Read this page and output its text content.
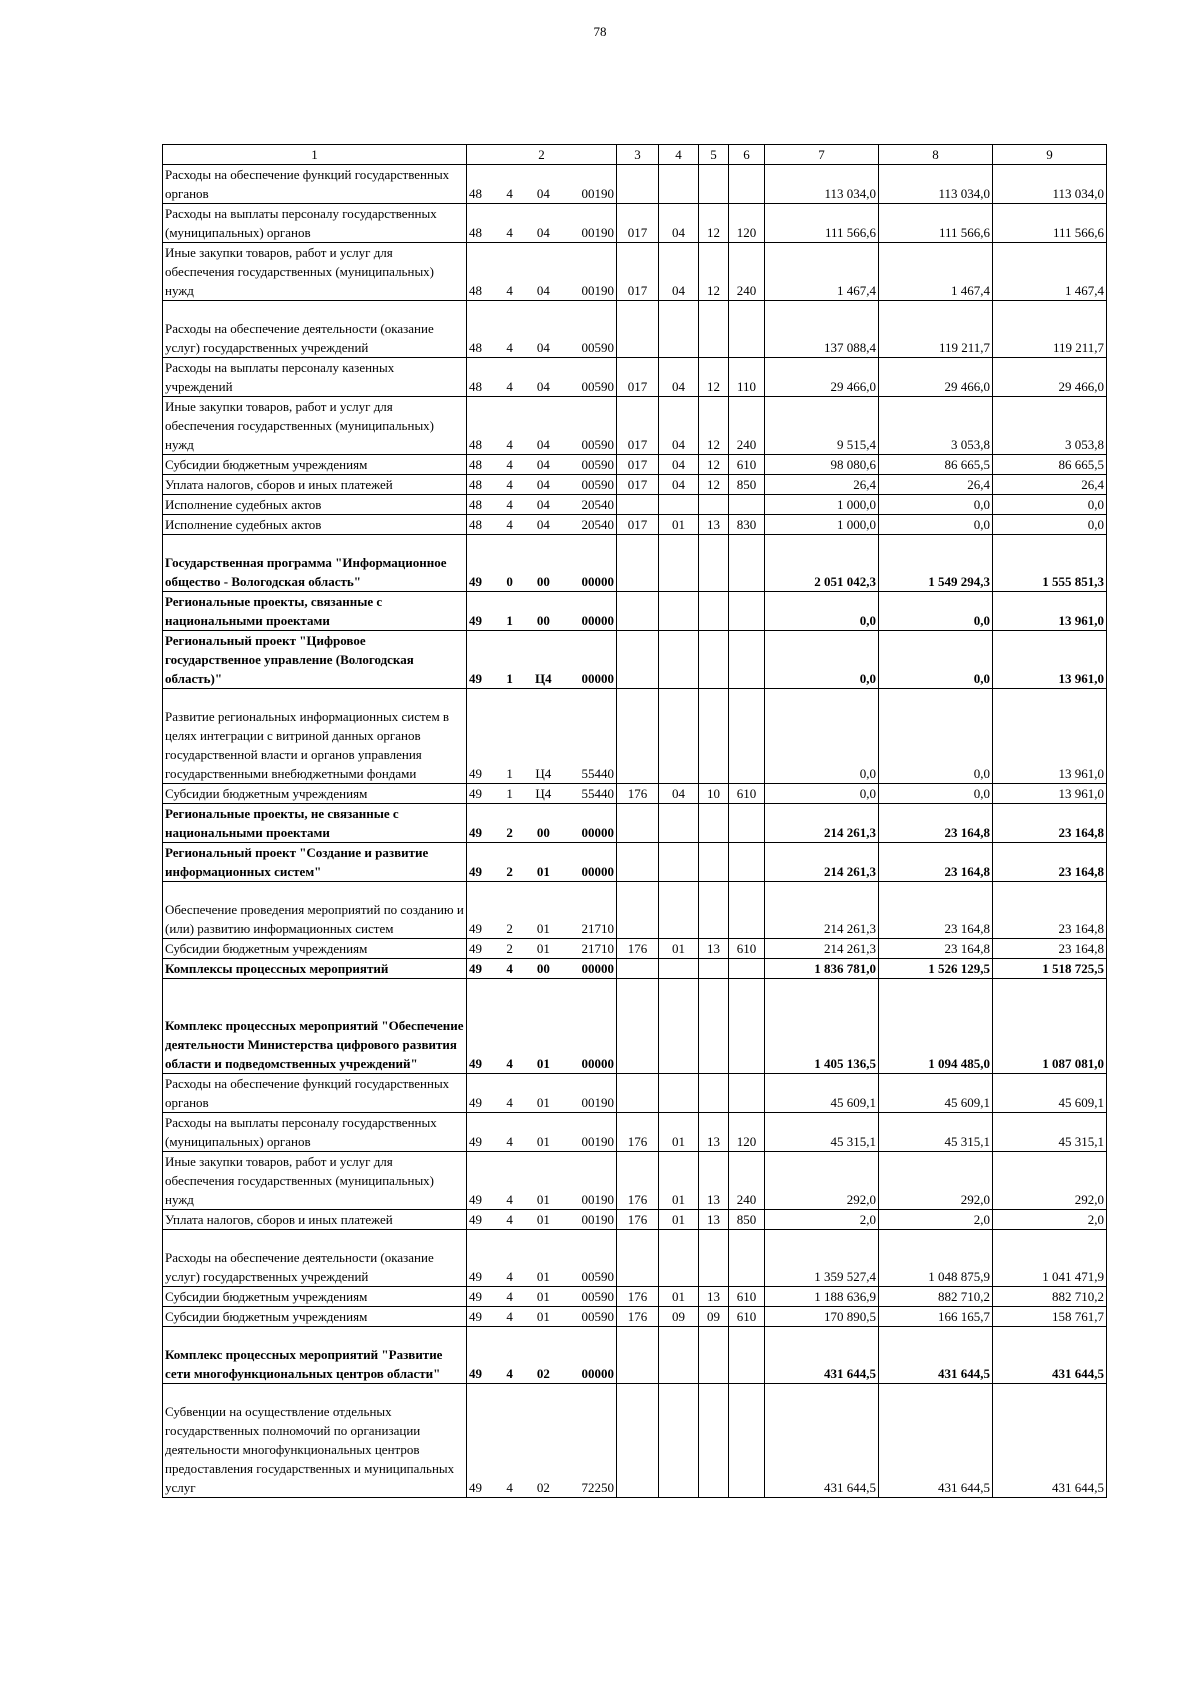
78
1	2	3	4	5	6	7	8	9
Расходы на обеспечение функций государственных органов	48 4 04 00190					113 034,0	113 034,0	113 034,0
Расходы на выплаты персоналу государственных (муниципальных) органов	48 4 04 00190	017	04	12	120	111 566,6	111 566,6	111 566,6
Иные закупки товаров, работ и услуг для обеспечения государственных (муниципальных) нужд	48 4 04 00190	017	04	12	240	1 467,4	1 467,4	1 467,4
Расходы на обеспечение деятельности (оказание услуг) государственных учреждений	48 4 04 00590					137 088,4	119 211,7	119 211,7
Расходы на выплаты персоналу казенных учреждений	48 4 04 00590	017	04	12	110	29 466,0	29 466,0	29 466,0
Иные закупки товаров, работ и услуг для обеспечения государственных (муниципальных) нужд	48 4 04 00590	017	04	12	240	9 515,4	3 053,8	3 053,8
Субсидии бюджетным учреждениям	48 4 04 00590	017	04	12	610	98 080,6	86 665,5	86 665,5
Уплата налогов, сборов и иных платежей	48 4 04 00590	017	04	12	850	26,4	26,4	26,4
Исполнение судебных актов	48 4 04 20540					1 000,0	0,0	0,0
Исполнение судебных актов	48 4 04 20540	017	01	13	830	1 000,0	0,0	0,0
Государственная программа "Информационное общество - Вологодская область"	49 0 00 00000					2 051 042,3	1 549 294,3	1 555 851,3
Региональные проекты, связанные с национальными проектами	49 1 00 00000					0,0	0,0	13 961,0
Региональный проект "Цифровое государственное управление (Вологодская область)"	49 1 Ц4 00000					0,0	0,0	13 961,0
Развитие региональных информационных систем в целях интеграции с витриной данных органов государственной власти и органов управления государственными внебюджетными фондами	49 1 Ц4 55440					0,0	0,0	13 961,0
Субсидии бюджетным учреждениям	49 1 Ц4 55440	176	04	10	610	0,0	0,0	13 961,0
Региональные проекты, не связанные с национальными проектами	49 2 00 00000					214 261,3	23 164,8	23 164,8
Региональный проект "Создание и развитие информационных систем"	49 2 01 00000					214 261,3	23 164,8	23 164,8
Обеспечение проведения мероприятий по созданию и (или) развитию информационных систем	49 2 01 21710					214 261,3	23 164,8	23 164,8
Субсидии бюджетным учреждениям	49 2 01 21710	176	01	13	610	214 261,3	23 164,8	23 164,8
Комплексы процессных мероприятий	49 4 00 00000					1 836 781,0	1 526 129,5	1 518 725,5
Комплекс процессных мероприятий "Обеспечение деятельности Министерства цифрового развития области и подведомственных учреждений"	49 4 01 00000					1 405 136,5	1 094 485,0	1 087 081,0
Расходы на обеспечение функций государственных органов	49 4 01 00190					45 609,1	45 609,1	45 609,1
Расходы на выплаты персоналу государственных (муниципальных) органов	49 4 01 00190	176	01	13	120	45 315,1	45 315,1	45 315,1
Иные закупки товаров, работ и услуг для обеспечения государственных (муниципальных) нужд	49 4 01 00190	176	01	13	240	292,0	292,0	292,0
Уплата налогов, сборов и иных платежей	49 4 01 00190	176	01	13	850	2,0	2,0	2,0
Расходы на обеспечение деятельности (оказание услуг) государственных учреждений	49 4 01 00590					1 359 527,4	1 048 875,9	1 041 471,9
Субсидии бюджетным учреждениям	49 4 01 00590	176	01	13	610	1 188 636,9	882 710,2	882 710,2
Субсидии бюджетным учреждениям	49 4 01 00590	176	09	09	610	170 890,5	166 165,7	158 761,7
Комплекс процессных мероприятий "Развитие сети многофункциональных центров области"	49 4 02 00000					431 644,5	431 644,5	431 644,5
Субвенции на осуществление отдельных государственных полномочий по организации деятельности многофункциональных центров предоставления государственных и муниципальных услуг	49 4 02 72250					431 644,5	431 644,5	431 644,5
